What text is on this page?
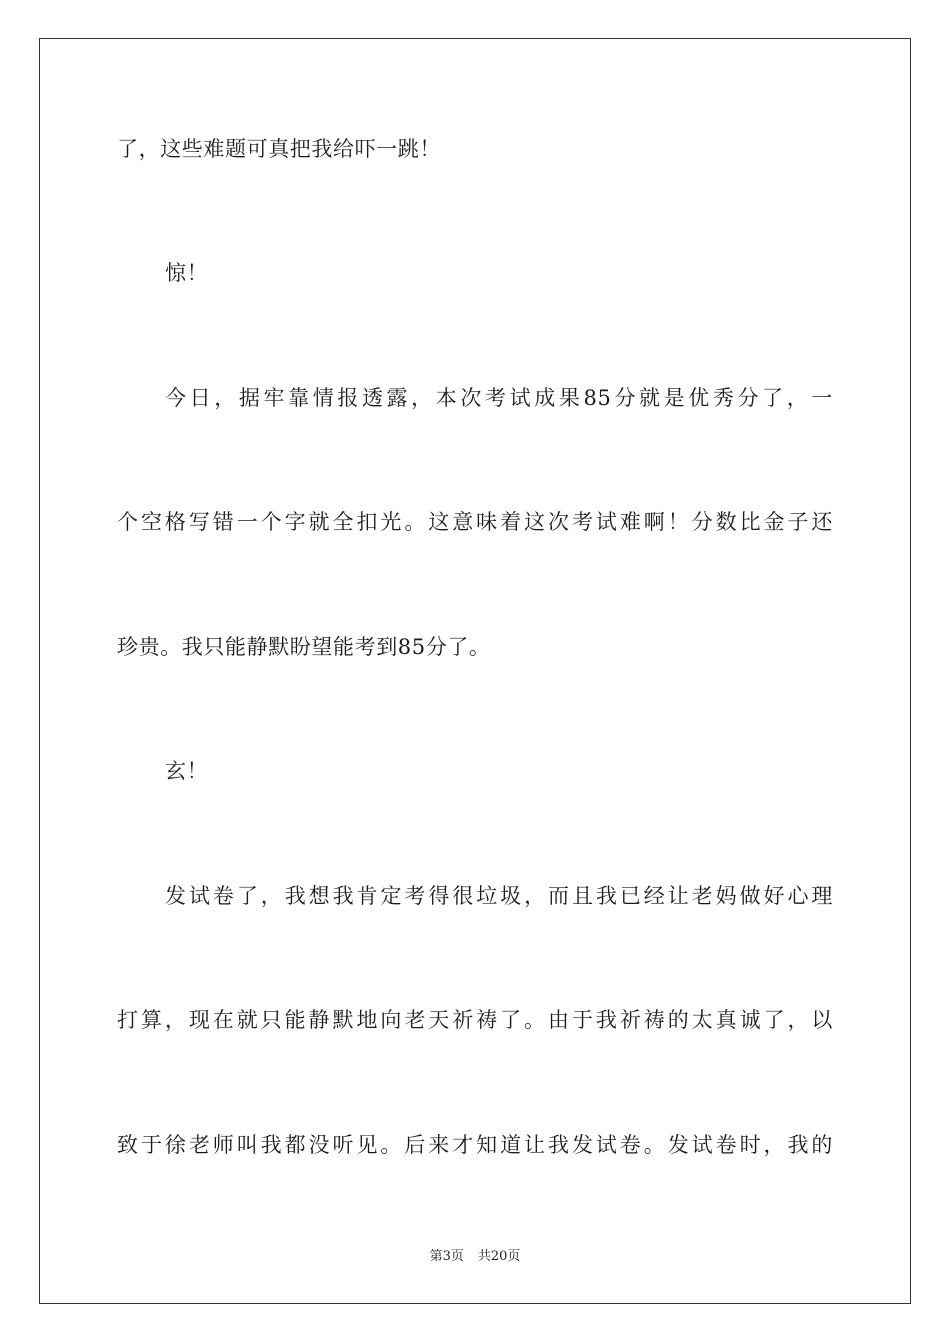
了，这些难题可真把我给吓一跳！
惊！
今日，据牢靠情报透露，本次考试成果85分就是优秀分了，一
个空格写错一个字就全扣光。这意味着这次考试难啊！分数比金子还
珍贵。我只能静默盼望能考到85分了。
玄！
发试卷了，我想我肯定考得很垃圾，而且我已经让老妈做好心理
打算，现在就只能静默地向老天祈祷了。由于我祈祷的太真诚了，以
致于徐老师叫我都没听见。后来才知道让我发试卷。发试卷时，我的
第3页 共20页
